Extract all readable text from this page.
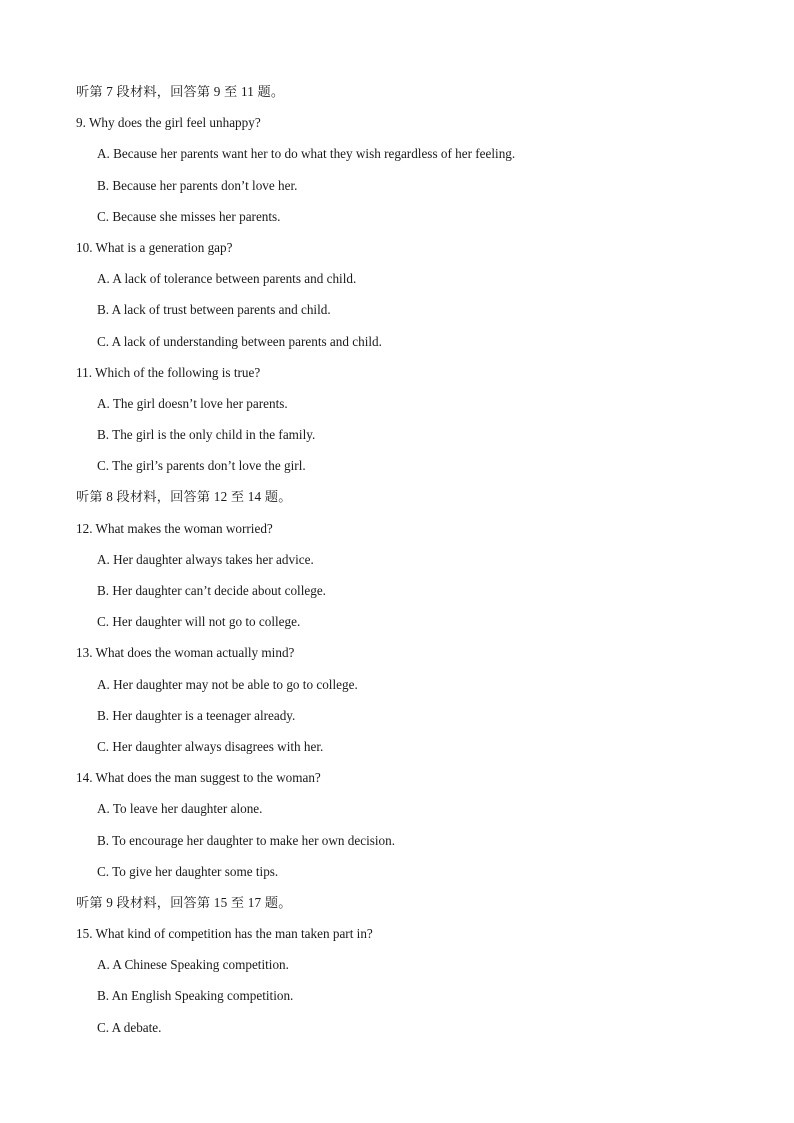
听第 7 段材料，回答第 9 至 11 题。
9. Why does the girl feel unhappy?
A. Because her parents want her to do what they wish regardless of her feeling.
B. Because her parents don’t love her.
C. Because she misses her parents.
10. What is a generation gap?
A. A lack of tolerance between parents and child.
B. A lack of trust between parents and child.
C. A lack of understanding between parents and child.
11. Which of the following is true?
A. The girl doesn’t love her parents.
B. The girl is the only child in the family.
C. The girl’s parents don’t love the girl.
听第 8 段材料，回答第 12 至 14 题。
12. What makes the woman worried?
A. Her daughter always takes her advice.
B. Her daughter can’t decide about college.
C. Her daughter will not go to college.
13. What does the woman actually mind?
A. Her daughter may not be able to go to college.
B. Her daughter is a teenager already.
C. Her daughter always disagrees with her.
14. What does the man suggest to the woman?
A. To leave her daughter alone.
B. To encourage her daughter to make her own decision.
C. To give her daughter some tips.
听第 9 段材料，回答第 15 至 17 题。
15. What kind of competition has the man taken part in?
A. A Chinese Speaking competition.
B. An English Speaking competition.
C. A debate.
